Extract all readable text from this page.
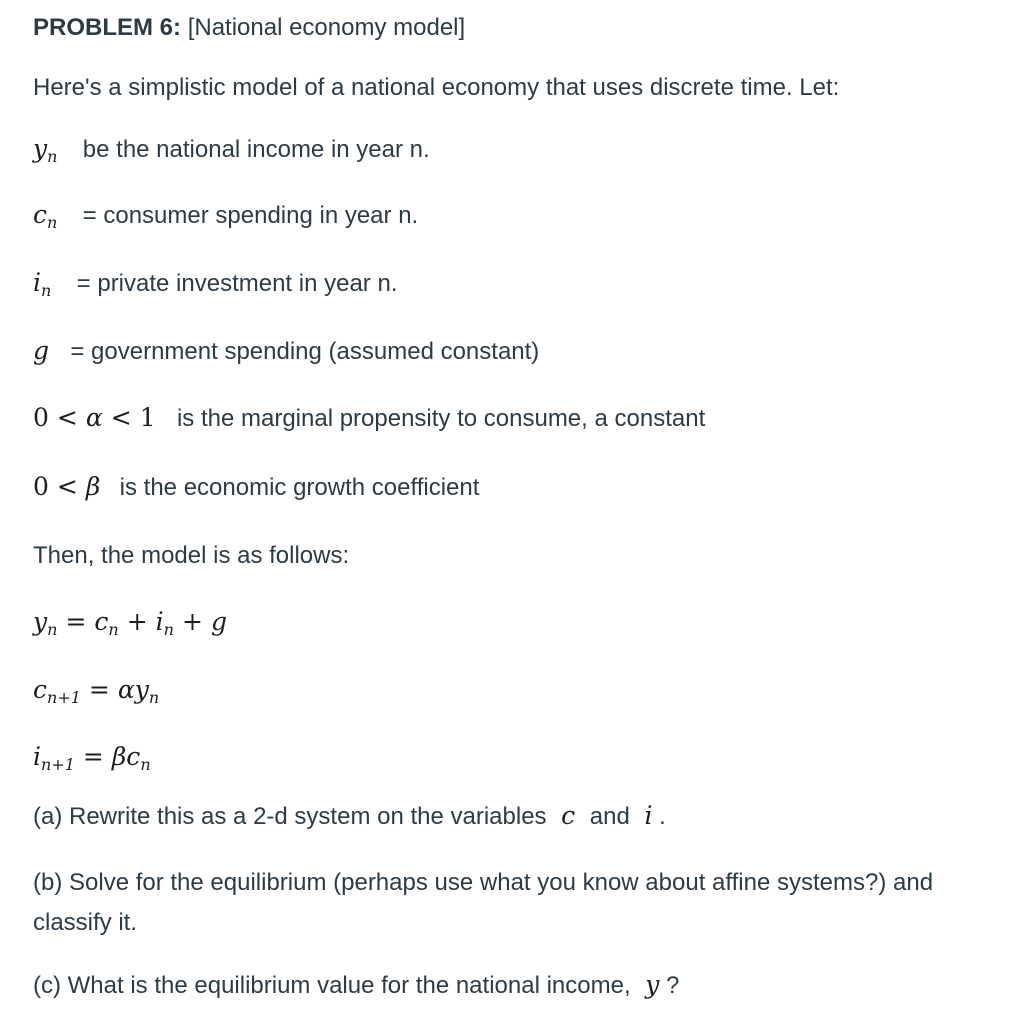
PROBLEM 6: [National economy model]
Here's a simplistic model of a national economy that uses discrete time. Let:
$y_n$ be the national income in year n.
$c_n$ = consumer spending in year n.
$i_n$ = private investment in year n.
g = government spending (assumed constant)
0 < α < 1 is the marginal propensity to consume, a constant
0 < β is the economic growth coefficient
Then, the model is as follows:
$y_n = c_n + i_n + g$
$c_{n+1} = \alpha y_n$
$i_{n+1} = \beta c_n$
(a) Rewrite this as a 2-d system on the variables  c  and  i .
(b) Solve for the equilibrium (perhaps use what you know about affine systems?) and classify it.
(c) What is the equilibrium value for the national income,  y ?
